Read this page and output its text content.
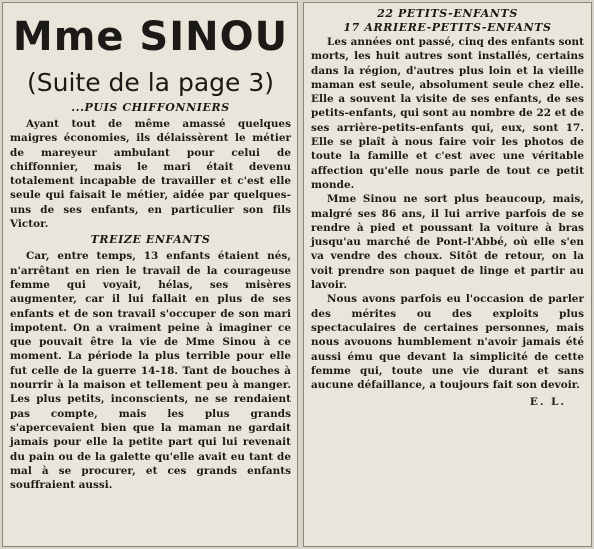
Mme SINOU
(Suite de la page 3)
...PUIS CHIFFONNIERS

Ayant tout de même amassé quelques maigres économies, ils délaissèrent le métier de mareyeur ambulant pour celui de chiffonnier, mais le mari était devenu totalement incapable de travailler et c'est elle seule qui faisait le métier, aidée par quelques-uns de ses enfants, en particulier son fils Victor.

TREIZE ENFANTS

Car, entre temps, 13 enfants étaient nés, n'arrêtant en rien le travail de la courageuse femme qui voyait, hélas, ses misères augmenter, car il lui fallait en plus de ses enfants et de son travail s'occuper de son mari impotent. On a vraiment peine à imaginer ce que pouvait être la vie de Mme Sinou à ce moment. La période la plus terrible pour elle fut celle de la guerre 14-18. Tant de bouches à nourrir à la maison et tellement peu à manger. Les plus petits, inconscients, ne se rendaient pas compte, mais les plus grands s'apercevaient bien que la maman ne gardait jamais pour elle la petite part qui lui revenait du pain ou de la galette qu'elle avait eu tant de mal à se procurer, et ces grands enfants souffraient aussi.

22 PETITS-ENFANTS
17 ARRIERE-PETITS-ENFANTS

Les années ont passé, cinq des enfants sont morts, les huit autres sont installés, certains dans la région, d'autres plus loin et la vieille maman est seule, absolument seule chez elle. Elle a souvent la visite de ses enfants, de ses petits-enfants, qui sont au nombre de 22 et de ses arrière-petits-enfants qui, eux, sont 17. Elle se plaît à nous faire voir les photos de toute la famille et c'est avec une véritable affection qu'elle nous parle de tout ce petit monde.

Mme Sinou ne sort plus beaucoup, mais, malgré ses 86 ans, il lui arrive parfois de se rendre à pied et poussant la voiture à bras jusqu'au marché de Pont-l'Abbé, où elle s'en va vendre des choux. Sitôt de retour, on la voit prendre son paquet de linge et partir au lavoir.

Nous avons parfois eu l'occasion de parler des mérites ou des exploits plus spectaculaires de certaines personnes, mais nous avouons humblement n'avoir jamais été aussi ému que devant la simplicité de cette femme qui, toute une vie durant et sans aucune défaillance, a toujours fait son devoir.

E. L.
